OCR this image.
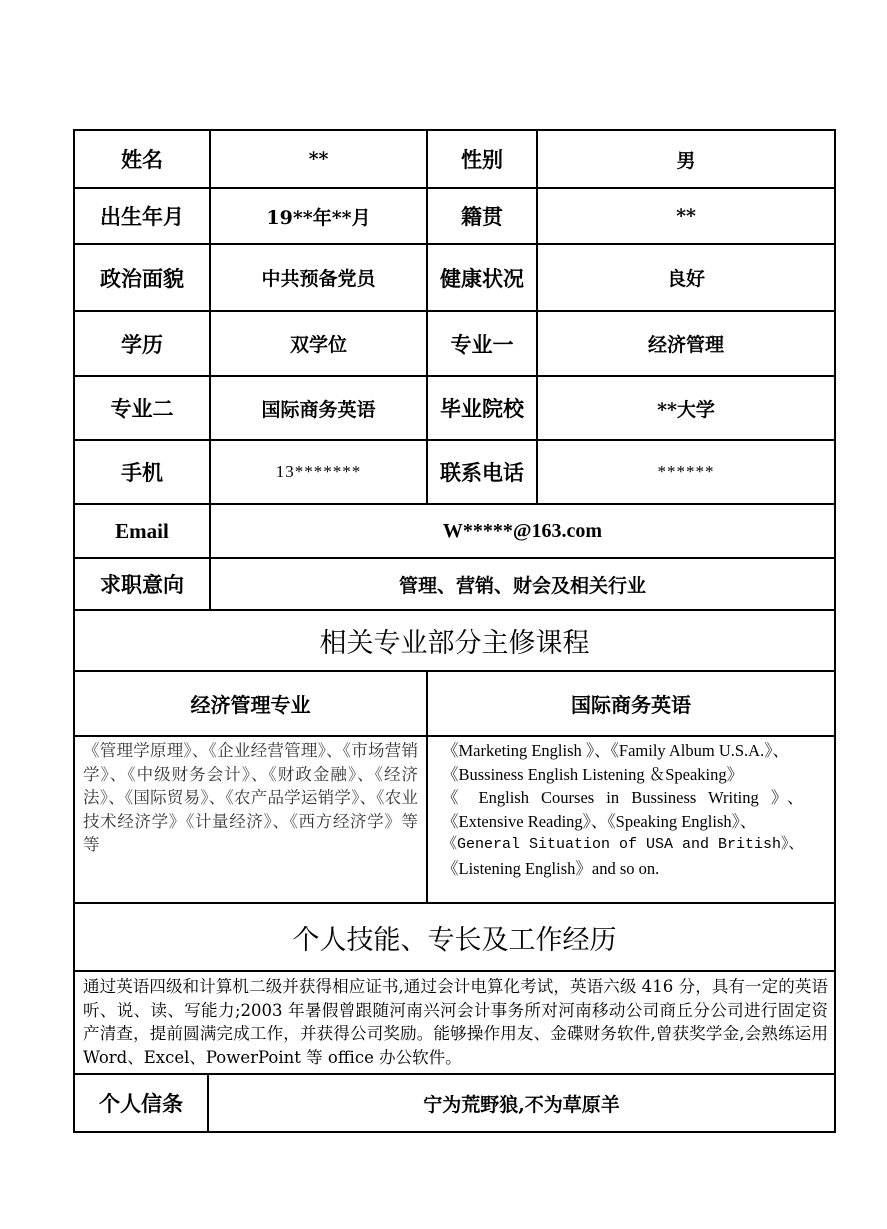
姓名	**	性别	男
出生年月	19**年**月	籍贯	**
政治面貌	中共预备党员	健康状况	良好
学历	双学位	专业一	经济管理
专业二	国际商务英语	毕业院校	**大学
手机	13*******	联系电话	******
Email	W*****@163.com
求职意向	管理、营销、财会及相关行业
相关专业部分主修课程
经济管理专业	国际商务英语
《管理学原理》、《企业经营管理》、《市场营销学》、《中级财务会计》、《财政金融》、《经济法》、《国际贸易》、《农产品学运销学》、《农业技术经济学》《计量经济》、《西方经济学》等等
《Marketing English 》、《Family Album U.S.A.》、
《Bussiness English Listening ＆Speaking》
《 English Courses in Bussiness Writing 》、
《Extensive Reading》、《Speaking English》、
《General Situation of USA and British》、
《Listening English》and so on.
个人技能、专长及工作经历
通过英语四级和计算机二级并获得相应证书,通过会计电算化考试，英语六级 416 分，具有一定的英语听、说、读、写能力;2003 年暑假曾跟随河南兴河会计事务所对河南移动公司商丘分公司进行固定资产清查，提前圆满完成工作，并获得公司奖励。能够操作用友、金碟财务软件,曾获奖学金,会熟练运用 Word、Excel、PowerPoint 等 office 办公软件。
个人信条	宁为荒野狼,不为草原羊
